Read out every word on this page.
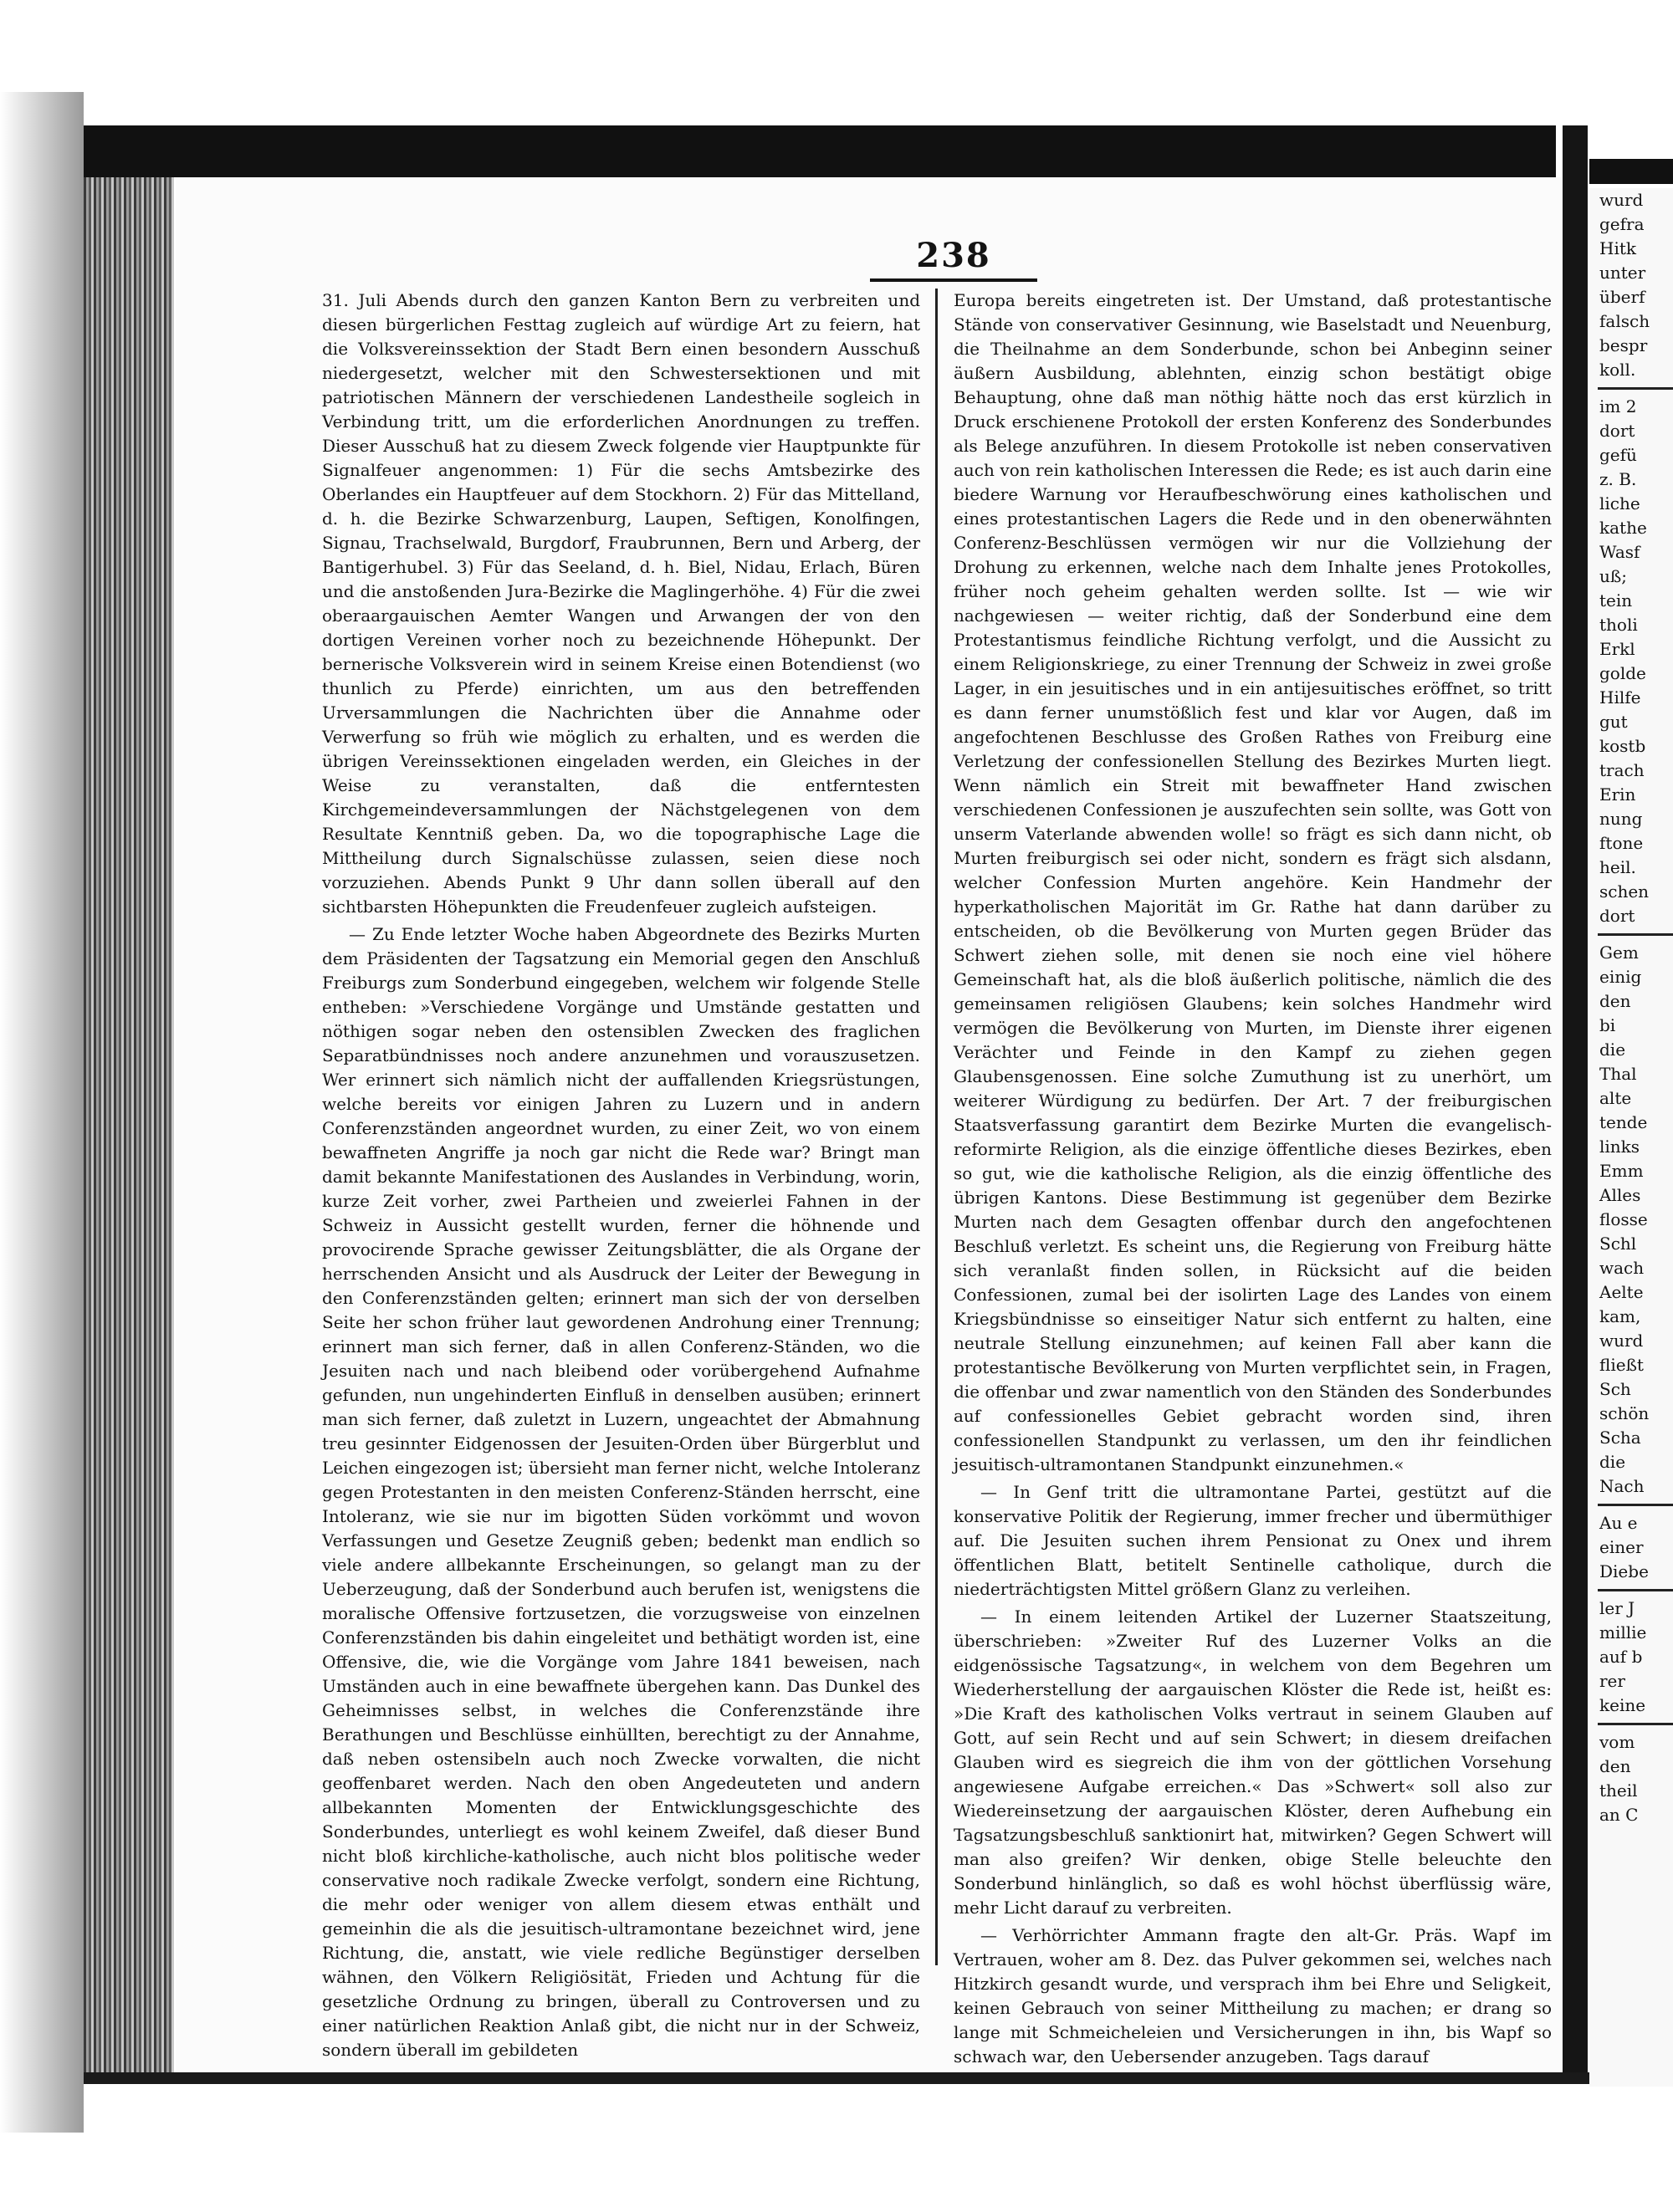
238

31. Juli Abends durch den ganzen Kanton Bern zu verbreiten und diesen bürgerlichen Festtag zugleich auf würdige Art zu feiern, hat die Volksvereinssektion der Stadt Bern einen besondern Ausschuß niedergesetzt, welcher mit den Schwestersektionen und mit patriotischen Männern der verschiedenen Landestheile sogleich in Verbindung tritt, um die erforderlichen Anordnungen zu treffen. Dieser Ausschuß hat zu diesem Zweck folgende vier Hauptpunkte für Signalfeuer angenommen: 1) Für die sechs Amtsbezirke des Oberlandes ein Hauptfeuer auf dem Stockhorn. 2) Für das Mittelland, d. h. die Bezirke Schwarzenburg, Laupen, Seftigen, Konolfingen, Signau, Trachselwald, Burgdorf, Fraubrunnen, Bern und Arberg, der Bantigerhubel. 3) Für das Seeland, d. h. Biel, Nidau, Erlach, Büren und die anstoßenden Jura-Bezirke die Maglingerhöhe. 4) Für die zwei oberaargauischen Aemter Wangen und Arwangen der von den dortigen Vereinen vorher noch zu bezeichnende Höhepunkt. Der bernerische Volksverein wird in seinem Kreise einen Botendienst (wo thunlich zu Pferde) einrichten, um aus den betreffenden Urversammlungen die Nachrichten über die Annahme oder Verwerfung so früh wie möglich zu erhalten, und es werden die übrigen Vereinssektionen eingeladen werden, ein Gleiches in der Weise zu veranstalten, daß die entferntesten Kirchgemeindeversammlungen der Nächstgelegenen von dem Resultate Kenntniß geben. Da, wo die topographische Lage die Mittheilung durch Signalschüsse zulassen, seien diese noch vorzuziehen. Abends Punkt 9 Uhr dann sollen überall auf den sichtbarsten Höhepunkten die Freudenfeuer zugleich aufsteigen.

— Zu Ende letzter Woche haben Abgeordnete des Bezirks Murten dem Präsidenten der Tagsatzung ein Memorial gegen den Anschluß Freiburgs zum Sonderbund eingegeben, welchem wir folgende Stelle entheben: »Verschiedene Vorgänge und Umstände gestatten und nöthigen sogar neben den ostensiblen Zwecken des fraglichen Separatbündnisses noch andere anzunehmen und vorauszusetzen. Wer erinnert sich nämlich nicht der auffallenden Kriegsrüstungen, welche bereits vor einigen Jahren zu Luzern und in andern Conferenzständen angeordnet wurden, zu einer Zeit, wo von einem bewaffneten Angriffe ja noch gar nicht die Rede war? Bringt man damit bekannte Manifestationen des Auslandes in Verbindung, worin, kurze Zeit vorher, zwei Partheien und zweierlei Fahnen in der Schweiz in Aussicht gestellt wurden, ferner die höhnende und provocirende Sprache gewisser Zeitungsblätter, die als Organe der herrschenden Ansicht und als Ausdruck der Leiter der Bewegung in den Conferenzständen gelten; erinnert man sich der von derselben Seite her schon früher laut gewordenen Androhung einer Trennung; erinnert man sich ferner, daß in allen Conferenz-Ständen, wo die Jesuiten nach und nach bleibend oder vorübergehend Aufnahme gefunden, nun ungehinderten Einfluß in denselben ausüben; erinnert man sich ferner, daß zuletzt in Luzern, ungeachtet der Abmahnung treu gesinnter Eidgenossen der Jesuiten-Orden über Bürgerblut und Leichen eingezogen ist; übersieht man ferner nicht, welche Intoleranz gegen Protestanten in den meisten Conferenz-Ständen herrscht, eine Intoleranz, wie sie nur im bigotten Süden vorkömmt und wovon Verfassungen und Gesetze Zeugniß geben; bedenkt man endlich so viele andere allbekannte Erscheinungen, so gelangt man zu der Ueberzeugung, daß der Sonderbund auch berufen ist, wenigstens die moralische Offensive fortzusetzen, die vorzugsweise von einzelnen Conferenzständen bis dahin eingeleitet und bethätigt worden ist, eine Offensive, die, wie die Vorgänge vom Jahre 1841 beweisen, nach Umständen auch in eine bewaffnete übergehen kann. Das Dunkel des Geheimnisses selbst, in welches die Conferenzstände ihre Berathungen und Beschlüsse einhüllten, berechtigt zu der Annahme, daß neben ostensibeln auch noch Zwecke vorwalten, die nicht geoffenbaret werden. Nach den oben Angedeuteten und andern allbekannten Momenten der Entwicklungsgeschichte des Sonderbundes, unterliegt es wohl keinem Zweifel, daß dieser Bund nicht bloß kirchliche-katholische, auch nicht blos politische weder conservative noch radikale Zwecke verfolgt, sondern eine Richtung, die mehr oder weniger von allem diesem etwas enthält und gemeinhin die als die jesuitisch-ultramontane bezeichnet wird, jene Richtung, die, anstatt, wie viele redliche Begünstiger derselben wähnen, den Völkern Religiösität, Frieden und Achtung für die gesetzliche Ordnung zu bringen, überall zu Controversen und zu einer natürlichen Reaktion Anlaß gibt, die nicht nur in der Schweiz, sondern überall im gebildeten

Europa bereits eingetreten ist. Der Umstand, daß protestantische Stände von conservativer Gesinnung, wie Baselstadt und Neuenburg, die Theilnahme an dem Sonderbunde, schon bei Anbeginn seiner äußern Ausbildung, ablehnten, einzig schon bestätigt obige Behauptung, ohne daß man nöthig hätte noch das erst kürzlich in Druck erschienene Protokoll der ersten Konferenz des Sonderbundes als Belege anzuführen. In diesem Protokolle ist neben conservativen auch von rein katholischen Interessen die Rede; es ist auch darin eine biedere Warnung vor Heraufbeschwörung eines katholischen und eines protestantischen Lagers die Rede und in den obenerwähnten Conferenz-Beschlüssen vermögen wir nur die Vollziehung der Drohung zu erkennen, welche nach dem Inhalte jenes Protokolles, früher noch geheim gehalten werden sollte. Ist — wie wir nachgewiesen — weiter richtig, daß der Sonderbund eine dem Protestantismus feindliche Richtung verfolgt, und die Aussicht zu einem Religionskriege, zu einer Trennung der Schweiz in zwei große Lager, in ein jesuitisches und in ein antijesuitisches eröffnet, so tritt es dann ferner unumstößlich fest und klar vor Augen, daß im angefochtenen Beschlusse des Großen Rathes von Freiburg eine Verletzung der confessionellen Stellung des Bezirkes Murten liegt. Wenn nämlich ein Streit mit bewaffneter Hand zwischen verschiedenen Confessionen je auszufechten sein sollte, was Gott von unserm Vaterlande abwenden wolle! so frägt es sich dann nicht, ob Murten freiburgisch sei oder nicht, sondern es frägt sich alsdann, welcher Confession Murten angehöre. Kein Handmehr der hyperkatholischen Majorität im Gr. Rathe hat dann darüber zu entscheiden, ob die Bevölkerung von Murten gegen Brüder das Schwert ziehen solle, mit denen sie noch eine viel höhere Gemeinschaft hat, als die bloß äußerlich politische, nämlich die des gemeinsamen religiösen Glaubens; kein solches Handmehr wird vermögen die Bevölkerung von Murten, im Dienste ihrer eigenen Verächter und Feinde in den Kampf zu ziehen gegen Glaubensgenossen. Eine solche Zumuthung ist zu unerhört, um weiterer Würdigung zu bedürfen. Der Art. 7 der freiburgischen Staatsverfassung garantirt dem Bezirke Murten die evangelisch-reformirte Religion, als die einzige öffentliche dieses Bezirkes, eben so gut, wie die katholische Religion, als die einzig öffentliche des übrigen Kantons. Diese Bestimmung ist gegenüber dem Bezirke Murten nach dem Gesagten offenbar durch den angefochtenen Beschluß verletzt. Es scheint uns, die Regierung von Freiburg hätte sich veranlaßt finden sollen, in Rücksicht auf die beiden Confessionen, zumal bei der isolirten Lage des Landes von einem Kriegsbündnisse so einseitiger Natur sich entfernt zu halten, eine neutrale Stellung einzunehmen; auf keinen Fall aber kann die protestantische Bevölkerung von Murten verpflichtet sein, in Fragen, die offenbar und zwar namentlich von den Ständen des Sonderbundes auf confessionelles Gebiet gebracht worden sind, ihren confessionellen Standpunkt zu verlassen, um den ihr feindlichen jesuitisch-ultramontanen Standpunkt einzunehmen.«

— In Genf tritt die ultramontane Partei, gestützt auf die konservative Politik der Regierung, immer frecher und übermüthiger auf. Die Jesuiten suchen ihrem Pensionat zu Onex und ihrem öffentlichen Blatt, betitelt Sentinelle catholique, durch die niederträchtigsten Mittel größern Glanz zu verleihen.

— In einem leitenden Artikel der Luzerner Staatszeitung, überschrieben: »Zweiter Ruf des Luzerner Volks an die eidgenössische Tagsatzung«, in welchem von dem Begehren um Wiederherstellung der aargauischen Klöster die Rede ist, heißt es: »Die Kraft des katholischen Volks vertraut in seinem Glauben auf Gott, auf sein Recht und auf sein Schwert; in diesem dreifachen Glauben wird es siegreich die ihm von der göttlichen Vorsehung angewiesene Aufgabe erreichen.« Das »Schwert« soll also zur Wiedereinsetzung der aargauischen Klöster, deren Aufhebung ein Tagsatzungsbeschluß sanktionirt hat, mitwirken? Gegen Schwert will man also greifen? Wir denken, obige Stelle beleuchte den Sonderbund hinlänglich, so daß es wohl höchst überflüssig wäre, mehr Licht darauf zu verbreiten.

— Verhörrichter Ammann fragte den alt-Gr. Präs. Wapf im Vertrauen, woher am 8. Dez. das Pulver gekommen sei, welches nach Hitzkirch gesandt wurde, und versprach ihm bei Ehre und Seligkeit, keinen Gebrauch von seiner Mittheilung zu machen; er drang so lange mit Schmeicheleien und Versicherungen in ihn, bis Wapf so schwach war, den Uebersender anzugeben. Tags darauf

wurd
gefra
Hitk
unter
überf
falsch
bespr
koll.
im 2
dort
gefü
z. B.
liche
kathe
Wasf
uß;
tein
tholi
Erkl
golde
Hilfe
gut
kostb
trach
Erin
nung
ftone
heil.
schen
dort
Gem
einig
den
bi
die
Thal
alte
tende
links
Emm
Alles
flosse
Schl
wach
Aelte
kam,
wurd
fließt
Sch
schön
Scha
die
Nach
Au e
einer
Diebe
ler J
millie
auf b
rer
keine
vom
den
theil
an C
